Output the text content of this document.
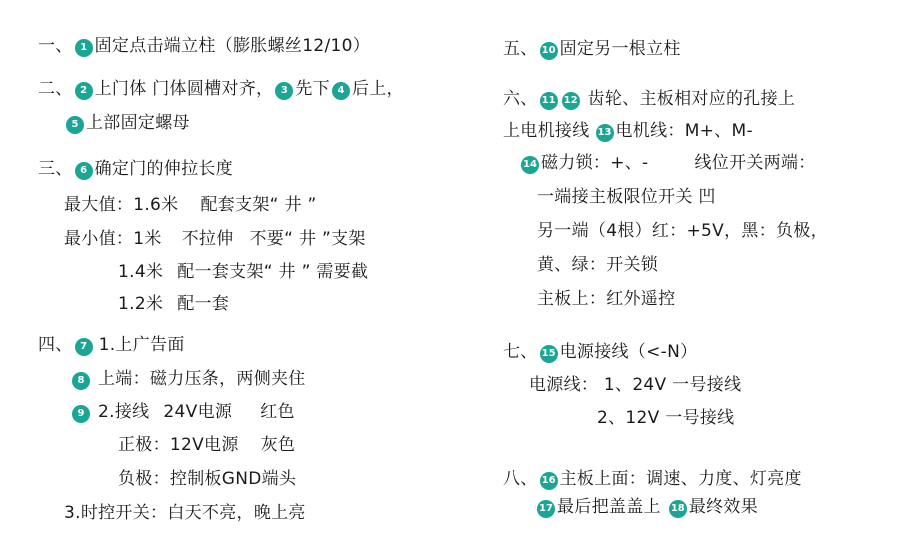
一、 1 固定点击端立柱（膨胀螺丝12/10）
二、 2 上门体 门体圆槽对齐， 3 先下 4 后上，
5 上部固定螺母
三、 6 确定门的伸拉长度
最大值：1.6米 配套支架“ 井 ”
最小值：1米 不拉伸 不要“ 井 ”支架
1.4米 配一套支架“ 井 ” 需要截
1.2米 配一套
四、 7 1.上广告面
8 上端：磁力压条，两侧夹住
9 2.接线 24V电源 红色
正极：12V电源 灰色
负极：控制板GND端头
3.时控开关：白天不亮，晚上亮
五、 10 固定另一根立柱
六、 11 12 齿轮、主板相对应的孔接上
上电机接线 13 电机线：M+、M-
14 磁力锁：+、-	线位开关两端：
一端接主板限位开关 凹
另一端（4根）红：+5V，黑：负极，
黄、绿：开关锁
主板上：红外遥控
七、 15 电源接线（<-N）
电源线： 1、24V 一号接线
2、12V 一号接线
八、 16 主板上面：调速、力度、灯亮度
17 最后把盖盖上 18 最终效果
